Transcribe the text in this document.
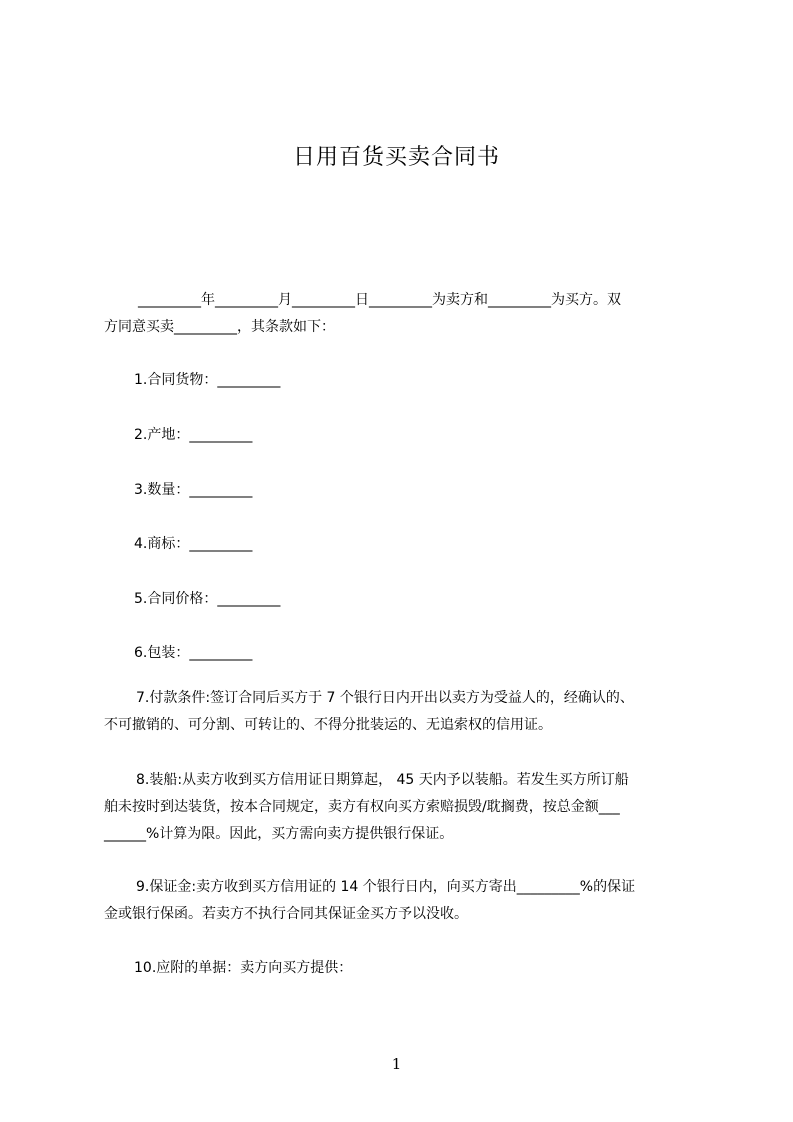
日用百货买卖合同书
_________年_________月_________日_________为卖方和_________为买方。双
方同意买卖_________，其条款如下：
1.合同货物：_________
2.产地：_________
3.数量：_________
4.商标：_________
5.合同价格：_________
6.包装：_________
7.付款条件:签订合同后买方于 7 个银行日内开出以卖方为受益人的，经确认的、
不可撤销的、可分割、可转让的、不得分批装运的、无追索权的信用证。
8.装船:从卖方收到买方信用证日期算起， 45 天内予以装船。若发生买方所订船
舶未按时到达装货，按本合同规定，卖方有权向买方索赔损毁/耽搁费，按总金额___
______%计算为限。因此，买方需向卖方提供银行保证。
9.保证金:卖方收到买方信用证的 14 个银行日内，向买方寄出_________%的保证
金或银行保函。若卖方不执行合同其保证金买方予以没收。
10.应附的单据：卖方向买方提供：
1
